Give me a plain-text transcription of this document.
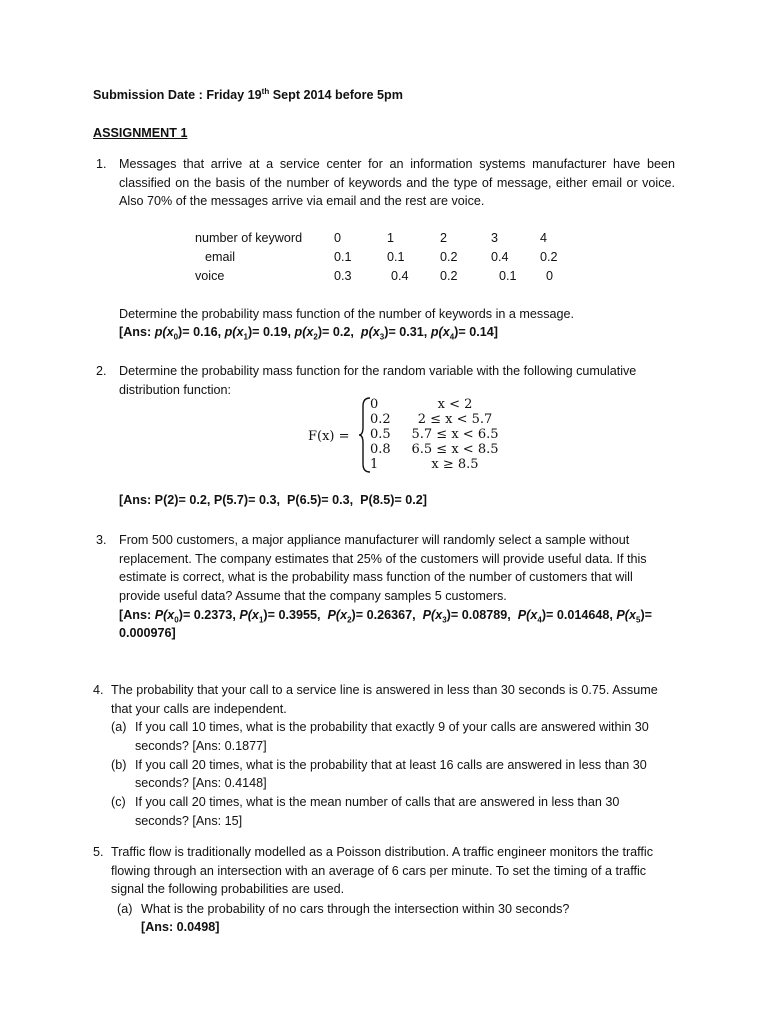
Submission Date : Friday 19th Sept 2014 before 5pm
ASSIGNMENT 1
1. Messages that arrive at a service center for an information systems manufacturer have been classified on the basis of the number of keywords and the type of message, either email or voice. Also 70% of the messages arrive via email and the rest are voice.
number of keyword	0	1	2	3	4
email	0.1	0.1	0.2	0.4	0.2
voice	0.3	0.4	0.2	0.1	0
Determine the probability mass function of the number of keywords in a message.
[Ans: $p(x_0)= 0.16$, $p(x_1)= 0.19$, $p(x_2)= 0.2$,  $p(x_3)= 0.31$, $p(x_4)= 0.14$]
2. Determine the probability mass function for the random variable with the following cumulative distribution function:
F(x) =
0	x < 2
0.2	2 ≤ x < 5.7
0.5	5.7 ≤ x < 6.5
0.8	6.5 ≤ x < 8.5
1	x ≥ 8.5
[Ans: P(2)= 0.2, P(5.7)= 0.3,  P(6.5)= 0.3,  P(8.5)= 0.2]
3. From 500 customers, a major appliance manufacturer will randomly select a sample without replacement. The company estimates that 25% of the customers will provide useful data. If this estimate is correct, what is the probability mass function of the number of customers that will provide useful data? Assume that the company samples 5 customers.
[Ans: $P(x_0)= 0.2373$, $P(x_1)= 0.3955$,  $P(x_2)= 0.26367$,  $P(x_3)= 0.08789$,  $P(x_4)= 0.014648$, $P(x_5)=$
0.000976]
4. The probability that your call to a service line is answered in less than 30 seconds is 0.75. Assume that your calls are independent.
(a) If you call 10 times, what is the probability that exactly 9 of your calls are answered within 30
seconds? [Ans: 0.1877]
(b) If you call 20 times, what is the probability that at least 16 calls are answered in less than 30
seconds? [Ans: 0.4148]
(c) If you call 20 times, what is the mean number of calls that are answered in less than 30
seconds? [Ans: 15]
5. Traffic flow is traditionally modelled as a Poisson distribution. A traffic engineer monitors the traffic flowing through an intersection with an average of 6 cars per minute. To set the timing of a traffic signal the following probabilities are used.
(a) What is the probability of no cars through the intersection within 30 seconds?
[Ans: 0.0498]
